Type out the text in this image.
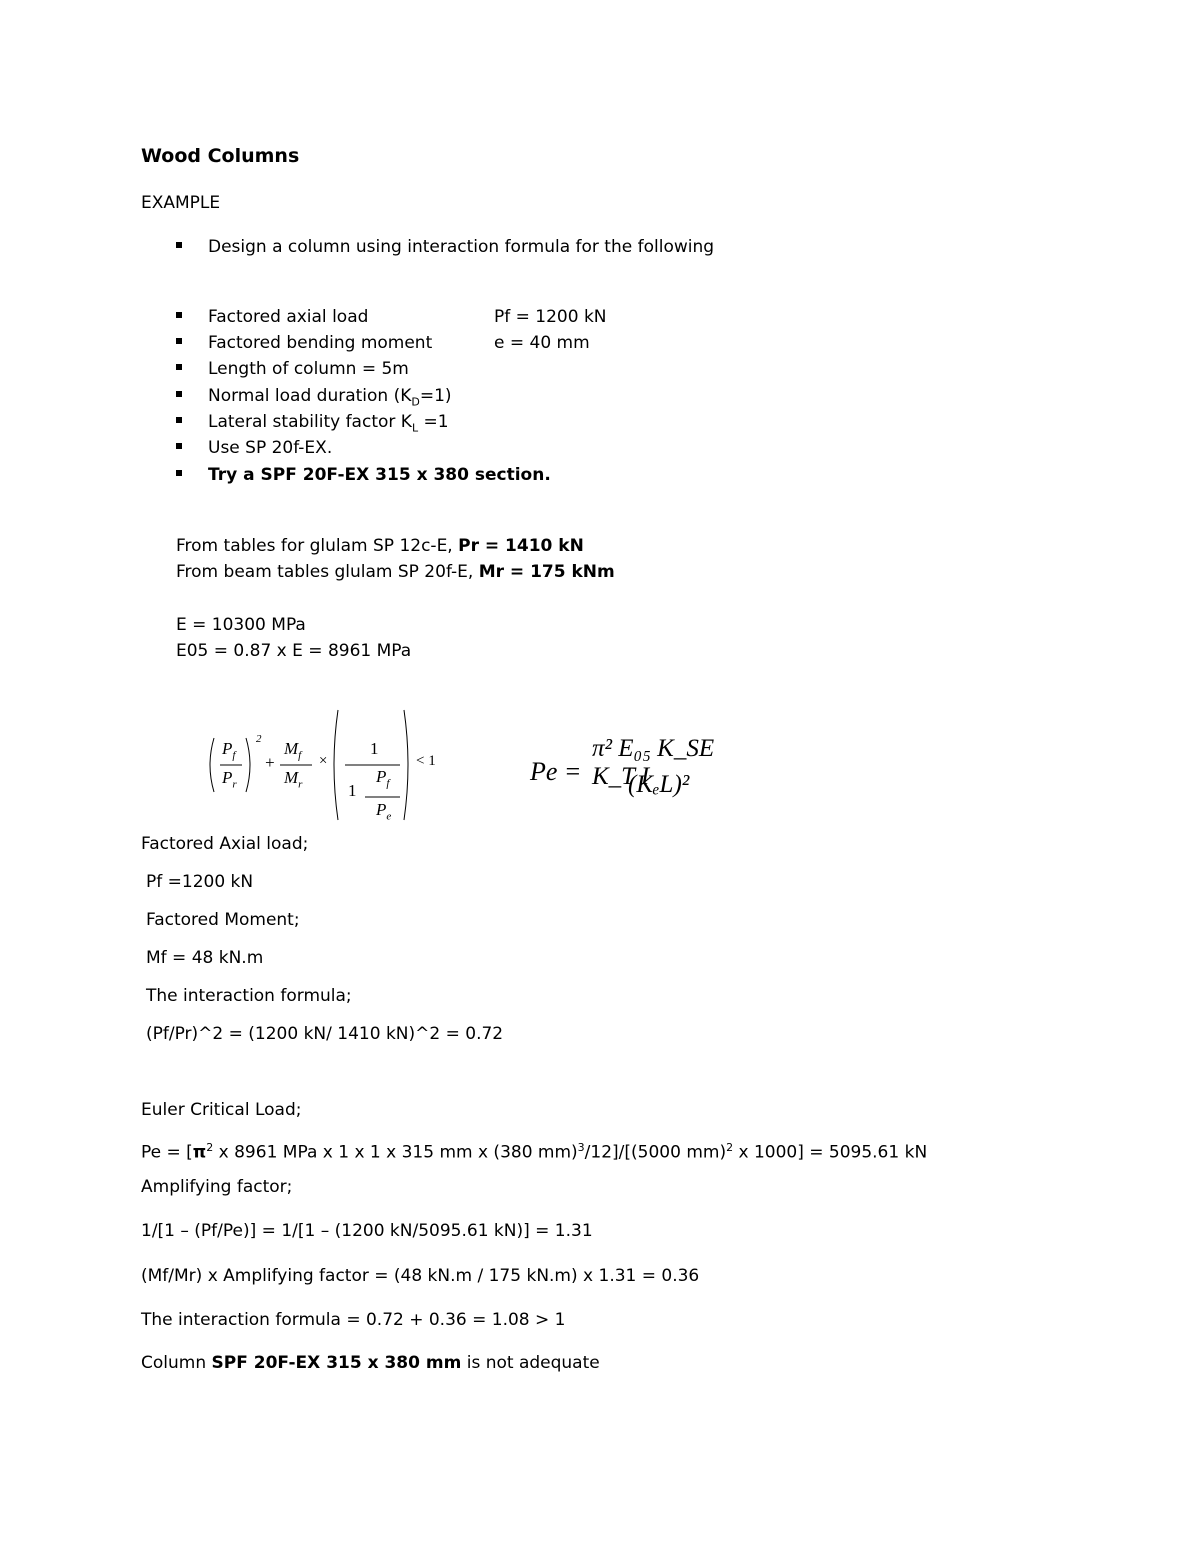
Wood Columns
EXAMPLE
Design a column using interaction formula for the following
Factored axial load	Pf = 1200 kN
Factored bending moment	e = 40 mm
Length of column = 5m
Normal load duration $(K_D=1)$
Lateral stability factor $K_L =1$
Use SP 20f-EX.
Try a SPF 20F-EX 315 x 380 section.
From tables for glulam SP 12c-E, Pr = 1410 kN
From beam tables glulam SP 20f-E, Mr = 175 kNm
E = 10300 MPa
E05 = 0.87 x E = 8961 MPa
$P_f$
$P_r$
2
+
$M_f$
$M_r$
×
1
1
$P_f$
$P_e$
< 1	Pe =
π² E₀₅ K_SE K_T I
(KₑL)²
Factored Axial load;
Pf =1200 kN
Factored Moment;
Mf = 48 kN.m
The interaction formula;
(Pf/Pr)^2 = (1200 kN/ 1410 kN)^2 = 0.72
Euler Critical Load;
$Pe = [\pi^2$ x 8961 MPa x 1 x 1 x 315 mm x (380 mm)$^3$/12]/[(5000 mm)$^2$ x 1000] = 5095.61 kN
Amplifying factor;
1/[1 – (Pf/Pe)] = 1/[1 – (1200 kN/5095.61 kN)] = 1.31
(Mf/Mr) x Amplifying factor = (48 kN.m / 175 kN.m) x 1.31 = 0.36
The interaction formula = 0.72 + 0.36 = 1.08 > 1
Column SPF 20F-EX 315 x 380 mm is not adequate
